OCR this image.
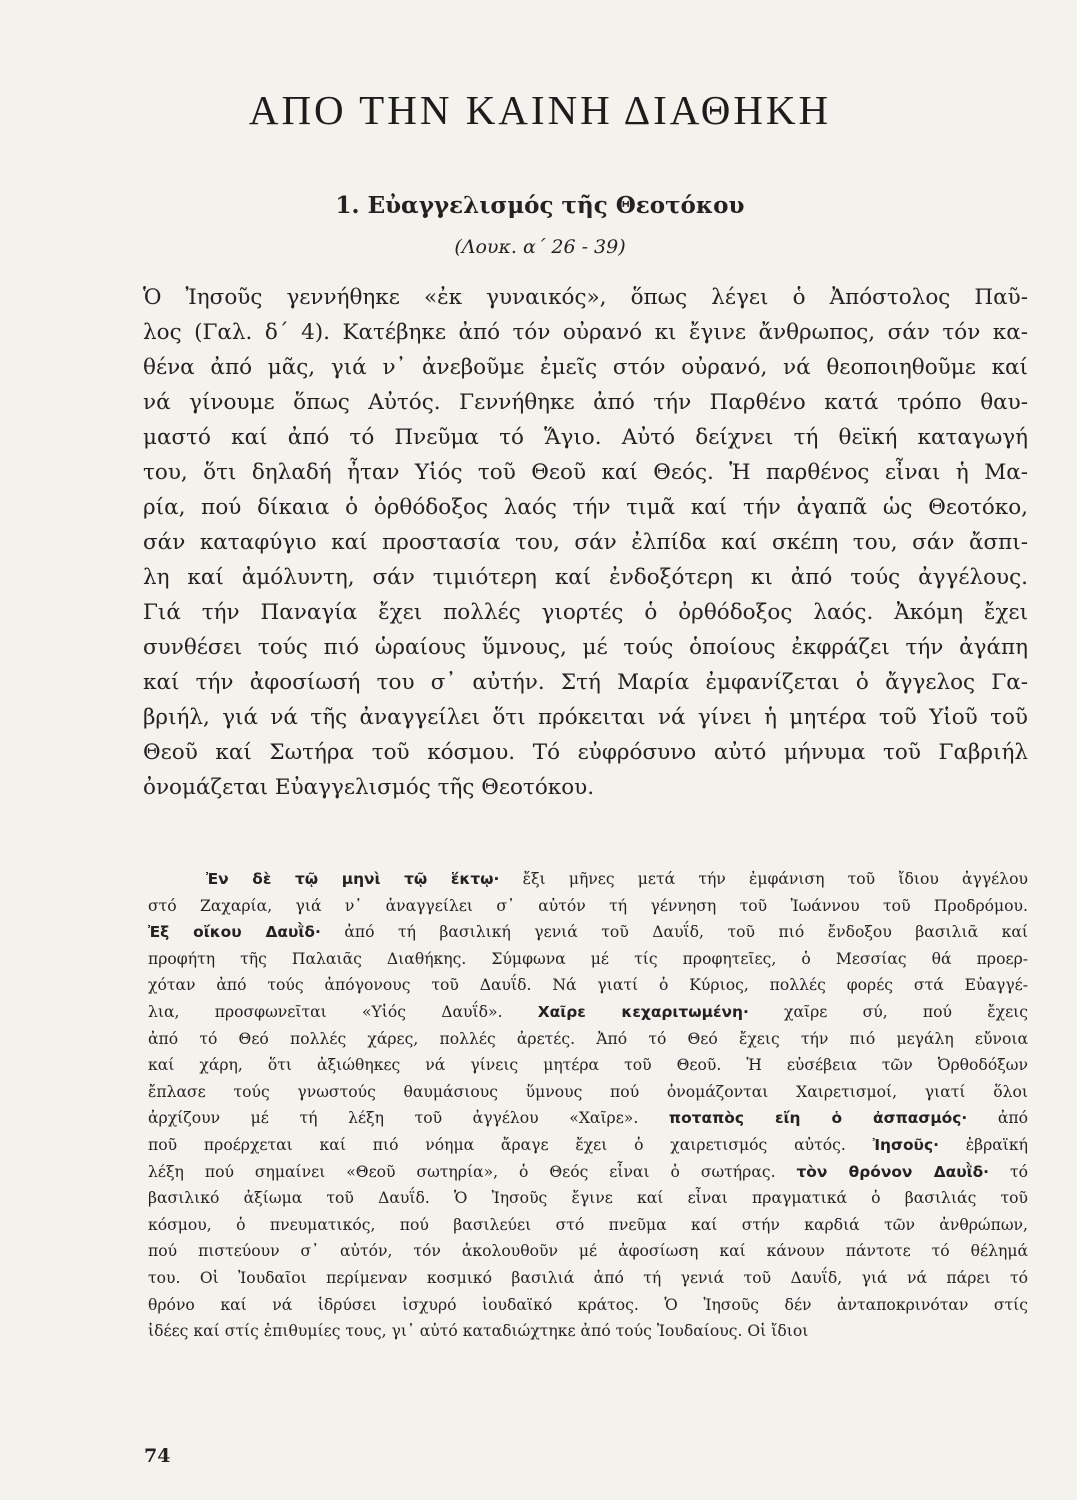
ΑΠΟ ΤΗΝ ΚΑΙΝΗ ΔΙΑΘΗΚΗ
1. Εὐαγγελισμός τῆς Θεοτόκου
(Λουκ. α΄ 26 - 39)
Ὁ Ἰησοῦς γεννήθηκε «ἐκ γυναικός», ὅπως λέγει ὁ Ἀπόστολος Παῦ-
λος (Γαλ. δ΄ 4). Κατέβηκε ἀπό τόν οὐρανό κι ἔγινε ἄνθρωπος, σάν τόν κα-
θένα ἀπό μᾶς, γιά ν᾽ ἀνεβοῦμε ἐμεῖς στόν οὐρανό, νά θεοποιηθοῦμε καί
νά γίνουμε ὅπως Αὐτός. Γεννήθηκε ἀπό τήν Παρθένο κατά τρόπο θαυ-
μαστό καί ἀπό τό Πνεῦμα τό Ἅγιο. Αὐτό δείχνει τή θεϊκή καταγωγή
του, ὅτι δηλαδή ἦταν Υἱός τοῦ Θεοῦ καί Θεός. Ἡ παρθένος εἶναι ἡ Μα-
ρία, πού δίκαια ὁ ὀρθόδοξος λαός τήν τιμᾶ καί τήν ἀγαπᾶ ὡς Θεοτόκο,
σάν καταφύγιο καί προστασία του, σάν ἐλπίδα καί σκέπη του, σάν ἄσπι-
λη καί ἀμόλυντη, σάν τιμιότερη καί ἐνδοξότερη κι ἀπό τούς ἀγγέλους.
Γιά τήν Παναγία ἔχει πολλές γιορτές ὁ ὀρθόδοξος λαός. Ἀκόμη ἔχει
συνθέσει τούς πιό ὡραίους ὕμνους, μέ τούς ὁποίους ἐκφράζει τήν ἀγάπη
καί τήν ἀφοσίωσή του σ᾽ αὐτήν. Στή Μαρία ἐμφανίζεται ὁ ἄγγελος Γα-
βριήλ, γιά νά τῆς ἀναγγείλει ὅτι πρόκειται νά γίνει ἡ μητέρα τοῦ Υἱοῦ τοῦ
Θεοῦ καί Σωτήρα τοῦ κόσμου. Τό εὐφρόσυνο αὐτό μήνυμα τοῦ Γαβριήλ
ὀνομάζεται Εὐαγγελισμός τῆς Θεοτόκου.
Ἐν δὲ τῷ μηνὶ τῷ ἕκτῳ· ἔξι μῆνες μετά τήν ἐμφάνιση τοῦ ἴδιου ἀγγέλου
στό Ζαχαρία, γιά ν᾽ ἀναγγείλει σ᾽ αὐτόν τή γέννηση τοῦ Ἰωάννου τοῦ Προδρόμου.
Ἐξ οἴκου Δαυῒδ· ἀπό τή βασιλική γενιά τοῦ Δαυΐδ, τοῦ πιό ἔνδοξου βασιλιᾶ καί
προφήτη τῆς Παλαιᾶς Διαθήκης. Σύμφωνα μέ τίς προφητεῖες, ὁ Μεσσίας θά προερ-
χόταν ἀπό τούς ἀπόγονους τοῦ Δαυΐδ. Νά γιατί ὁ Κύριος, πολλές φορές στά Εὐαγγέ-
λια, προσφωνεῖται «Υἱός Δαυΐδ». Χαῖρε κεχαριτωμένη· χαῖρε σύ, πού ἔχεις
ἀπό τό Θεό πολλές χάρες, πολλές ἀρετές. Ἀπό τό Θεό ἔχεις τήν πιό μεγάλη εὔνοια
καί χάρη, ὅτι ἀξιώθηκες νά γίνεις μητέρα τοῦ Θεοῦ. Ἡ εὐσέβεια τῶν Ὀρθοδόξων
ἔπλασε τούς γνωστούς θαυμάσιους ὕμνους πού ὀνομάζονται Χαιρετισμοί, γιατί ὅλοι
ἀρχίζουν μέ τή λέξη τοῦ ἀγγέλου «Χαῖρε». ποταπὸς εἴη ὁ ἀσπασμός· ἀπό
ποῦ προέρχεται καί πιό νόημα ἄραγε ἔχει ὁ χαιρετισμός αὐτός. Ἰησοῦς· ἑβραϊκή
λέξη πού σημαίνει «Θεοῦ σωτηρία», ὁ Θεός εἶναι ὁ σωτήρας. τὸν θρόνον Δαυῒδ· τό
βασιλικό ἀξίωμα τοῦ Δαυΐδ. Ὁ Ἰησοῦς ἔγινε καί εἶναι πραγματικά ὁ βασιλιάς τοῦ
κόσμου, ὁ πνευματικός, πού βασιλεύει στό πνεῦμα καί στήν καρδιά τῶν ἀνθρώπων,
πού πιστεύουν σ᾽ αὐτόν, τόν ἀκολουθοῦν μέ ἀφοσίωση καί κάνουν πάντοτε τό θέλημά
του. Οἱ Ἰουδαῖοι περίμεναν κοσμικό βασιλιά ἀπό τή γενιά τοῦ Δαυΐδ, γιά νά πάρει τό
θρόνο καί νά ἱδρύσει ἰσχυρό ἰουδαϊκό κράτος. Ὁ Ἰησοῦς δέν ἀνταποκρινόταν στίς
ἰδέες καί στίς ἐπιθυμίες τους, γι᾽ αὐτό καταδιώχτηκε ἀπό τούς Ἰουδαίους. Οἱ ἴδιοι
74
